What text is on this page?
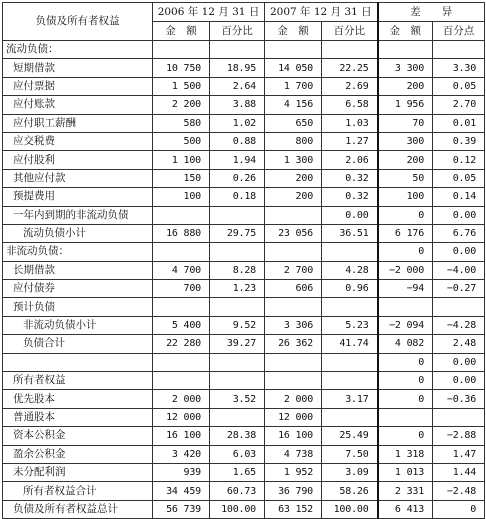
负债及所有者权益	2006 年 12 月 31 日		2007 年 12 月 31 日		差　　异	
	金　额	百分比	金　额	百分比	金　额	百分点
流动负债：						
短期借款	10 750	18.95	14 050	22.25	3 300	3.30
应付票据	1 500	2.64	1 700	2.69	200	0.05
应付账款	2 200	3.88	4 156	6.58	1 956	2.70
应付职工薪酬	580	1.02	650	1.03	70	0.01
应交税费	500	0.88	800	1.27	300	0.39
应付股利	1 100	1.94	1 300	2.06	200	0.12
其他应付款	150	0.26	200	0.32	50	0.05
预提费用	100	0.18	200	0.32	100	0.14
一年内到期的非流动负债				0.00	0	0.00
流动负债小计	16 880	29.75	23 056	36.51	6 176	6.76
非流动负债：					0	0.00
长期借款	4 700	8.28	2 700	4.28	−2 000	−4.00
应付债券	700	1.23	606	0.96	−94	−0.27
预计负债						
非流动负债小计	5 400	9.52	3 306	5.23	−2 094	−4.28
负债合计	22 280	39.27	26 362	41.74	4 082	2.48
					0	0.00
所有者权益					0	0.00
优先股本	2 000	3.52	2 000	3.17	0	−0.36
普通股本	12 000		12 000			
资本公积金	16 100	28.38	16 100	25.49	0	−2.88
盈余公积金	3 420	6.03	4 738	7.50	1 318	1.47
未分配利润	939	1.65	1 952	3.09	1 013	1.44
所有者权益合计	34 459	60.73	36 790	58.26	2 331	−2.48
负债及所有者权益总计	56 739	100.00	63 152	100.00	6 413	0
